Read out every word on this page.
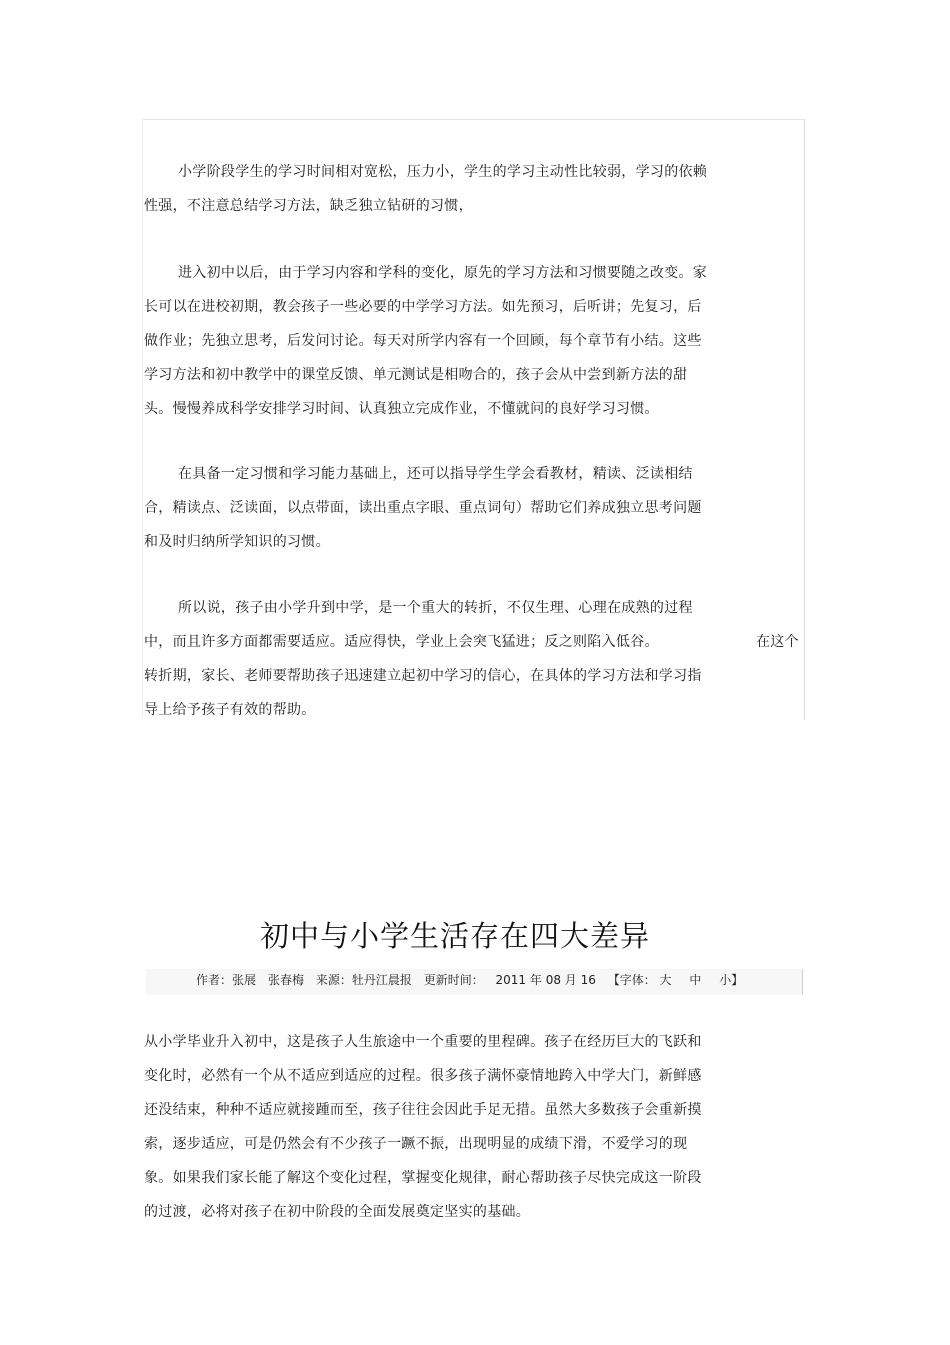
小学阶段学生的学习时间相对宽松，压力小，学生的学习主动性比较弱，学习的依赖
性强，不注意总结学习方法，缺乏独立钻研的习惯，
进入初中以后，由于学习内容和学科的变化，原先的学习方法和习惯要随之改变。家
长可以在进校初期，教会孩子一些必要的中学学习方法。如先预习，后听讲；先复习，后
做作业；先独立思考，后发问讨论。每天对所学内容有一个回顾，每个章节有小结。这些
学习方法和初中教学中的课堂反馈、单元测试是相吻合的，孩子会从中尝到新方法的甜
头。慢慢养成科学安排学习时间、认真独立完成作业，不懂就问的良好学习习惯。
在具备一定习惯和学习能力基础上，还可以指导学生学会看教材，精读、泛读相结
合，精读点、泛读面，以点带面，读出重点字眼、重点词句）帮助它们养成独立思考问题
和及时归纳所学知识的习惯。
所以说，孩子由小学升到中学，是一个重大的转折，不仅生理、心理在成熟的过程
中，而且许多方面都需要适应。适应得快，学业上会突飞猛进；反之则陷入低谷。	在这个
转折期，家长、老师要帮助孩子迅速建立起初中学习的信心，在具体的学习方法和学习指
导上给予孩子有效的帮助。
初中与小学生活存在四大差异
作者：张展　张春梅 来源：牡丹江晨报 更新时间： 2011 年 08 月 16 【字体： 大 中 小】
从小学毕业升入初中，这是孩子人生旅途中一个重要的里程碑。孩子在经历巨大的飞跃和
变化时，必然有一个从不适应到适应的过程。很多孩子满怀豪情地跨入中学大门，新鲜感
还没结束，种种不适应就接踵而至，孩子往往会因此手足无措。虽然大多数孩子会重新摸
索，逐步适应，可是仍然会有不少孩子一蹶不振，出现明显的成绩下滑，不爱学习的现
象。如果我们家长能了解这个变化过程，掌握变化规律，耐心帮助孩子尽快完成这一阶段
的过渡，必将对孩子在初中阶段的全面发展奠定坚实的基础。
